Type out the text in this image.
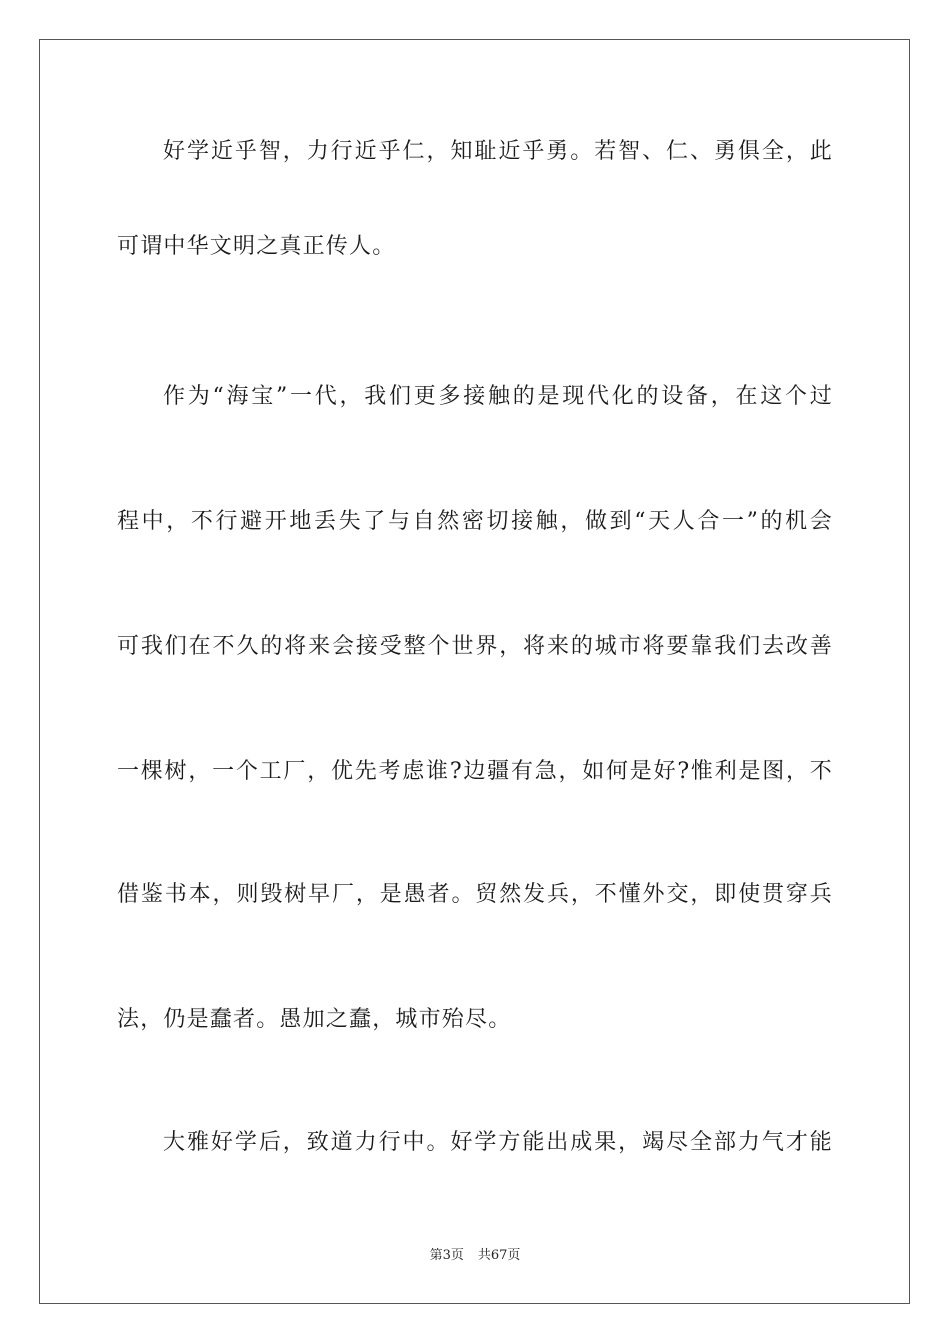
好学近乎智，力行近乎仁，知耻近乎勇。若智、仁、勇俱全，此
可谓中华文明之真正传人。
作为“海宝”一代，我们更多接触的是现代化的设备，在这个过
程中，不行避开地丢失了与自然密切接触，做到“天人合一”的机会
可我们在不久的将来会接受整个世界，将来的城市将要靠我们去改善
一棵树，一个工厂，优先考虑谁?边疆有急，如何是好?惟利是图，不
借鉴书本，则毁树早厂，是愚者。贸然发兵，不懂外交，即使贯穿兵
法，仍是蠢者。愚加之蠢，城市殆尽。
大雅好学后，致道力行中。好学方能出成果，竭尽全部力气才能
第3页 共67页
